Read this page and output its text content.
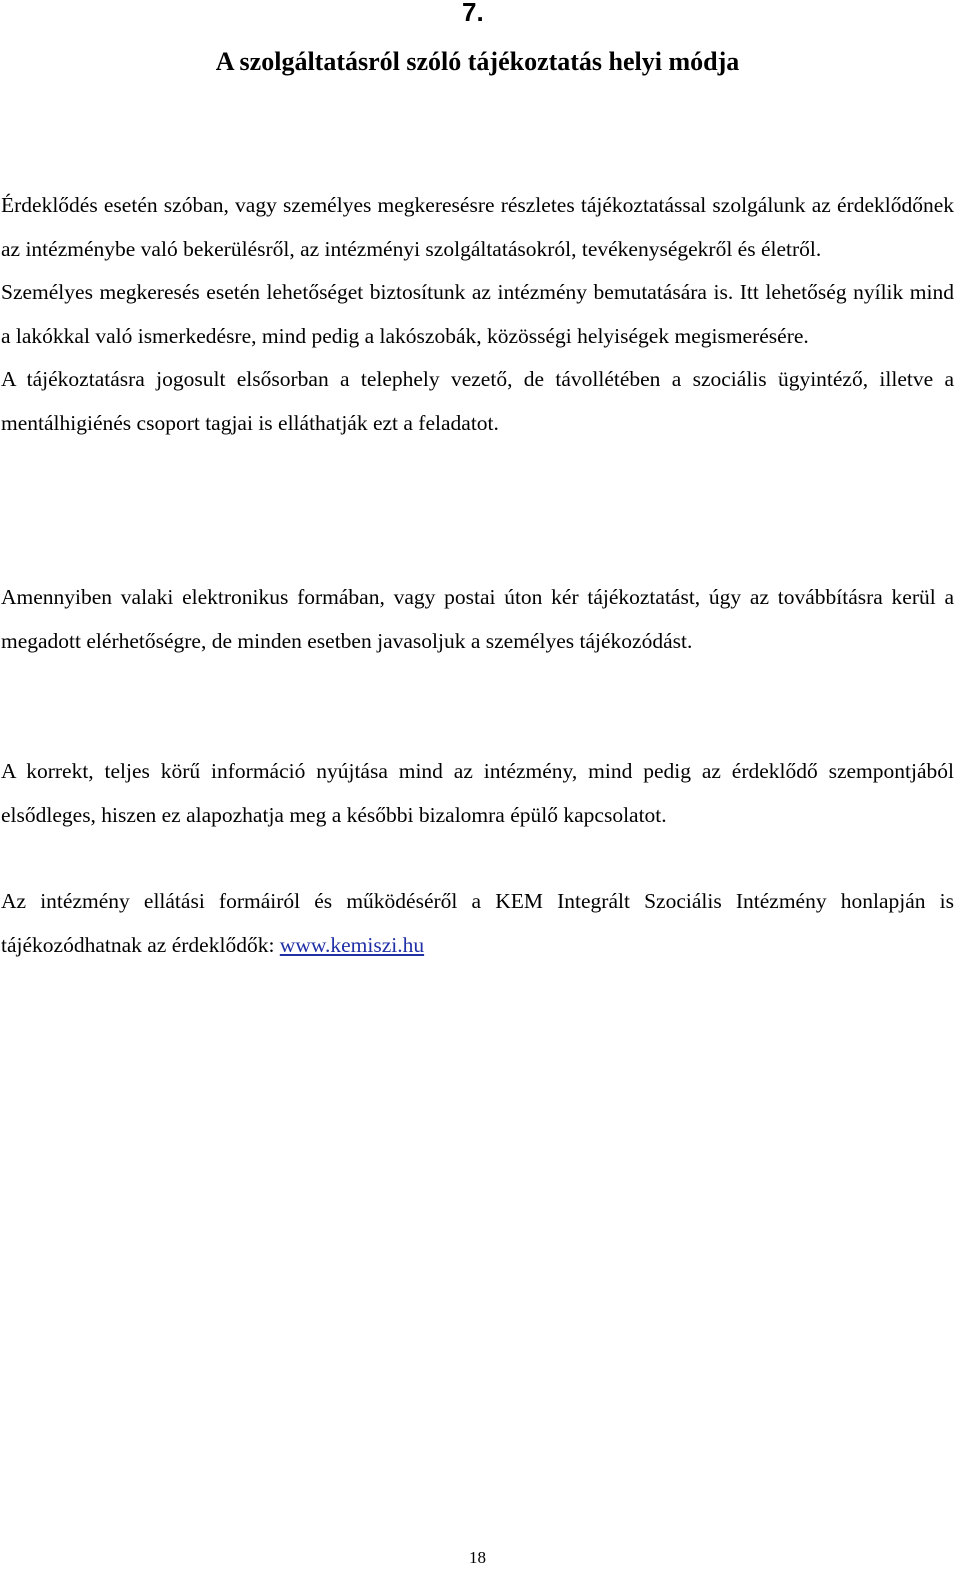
7.
A szolgáltatásról szóló tájékoztatás helyi módja

Érdeklődés esetén szóban, vagy személyes megkeresésre részletes tájékoztatással szolgálunk az érdeklődőnek az intézménybe való bekerülésről, az intézményi szolgáltatásokról, tevékenységekről és életről.

Személyes megkeresés esetén lehetőséget biztosítunk az intézmény bemutatására is. Itt lehetőség nyílik mind a lakókkal való ismerkedésre, mind pedig a lakószobák, közösségi helyiségek megismerésére.

A tájékoztatásra jogosult elsősorban a telephely vezető, de távollétében a szociális ügyintéző, illetve a mentálhigiénés csoport tagjai is elláthatják ezt a feladatot.

Amennyiben valaki elektronikus formában, vagy postai úton kér tájékoztatást, úgy az továbbításra kerül a megadott elérhetőségre, de minden esetben javasoljuk a személyes tájékozódást.

A korrekt, teljes körű információ nyújtása mind az intézmény, mind pedig az érdeklődő szempontjából elsődleges, hiszen ez alapozhatja meg a későbbi bizalomra épülő kapcsolatot.

Az intézmény ellátási formáiról és működéséről a KEM Integrált Szociális Intézmény honlapján is tájékozódhatnak az érdeklődők: www.kemiszi.hu

18
